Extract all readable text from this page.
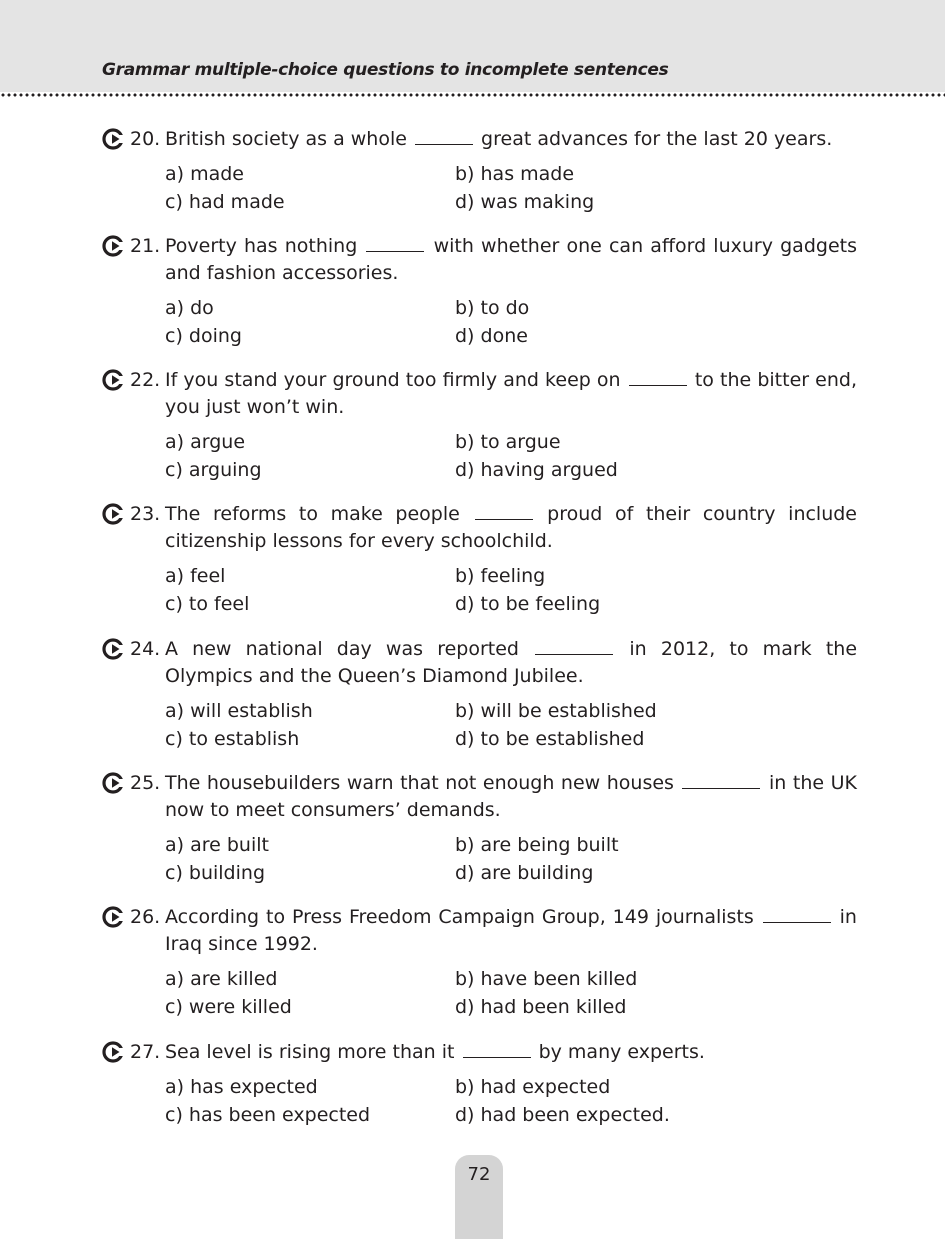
Grammar multiple-choice questions to incomplete sentences
20. British society as a whole	great advances for the last 20 years.
a) made	b) has made
c) had made	d) was making
21. Poverty has nothing	with whether one can afford luxury gadgets and fashion accessories.
a) do	b) to do
c) doing	d) done
22. If you stand your ground too firmly and keep on	to the bitter end, you just won’t win.
a) argue	b) to argue
c) arguing	d) having argued
23. The reforms to make people	proud of their country include citizenship lessons for every schoolchild.
a) feel	b) feeling
c) to feel	d) to be feeling
24. A new national day was reported	in 2012, to mark the Olympics and the Queen’s Diamond Jubilee.
a) will establish	b) will be established
c) to establish	d) to be established
25. The housebuilders warn that not enough new houses	in the UK now to meet consumers’ demands.
a) are built	b) are being built
c) building	d) are building
26. According to Press Freedom Campaign Group, 149 journalists	in Iraq since 1992.
a) are killed	b) have been killed
c) were killed	d) had been killed
27. Sea level is rising more than it	by many experts.
a) has expected	b) had expected
c) has been expected	d) had been expected.
72
